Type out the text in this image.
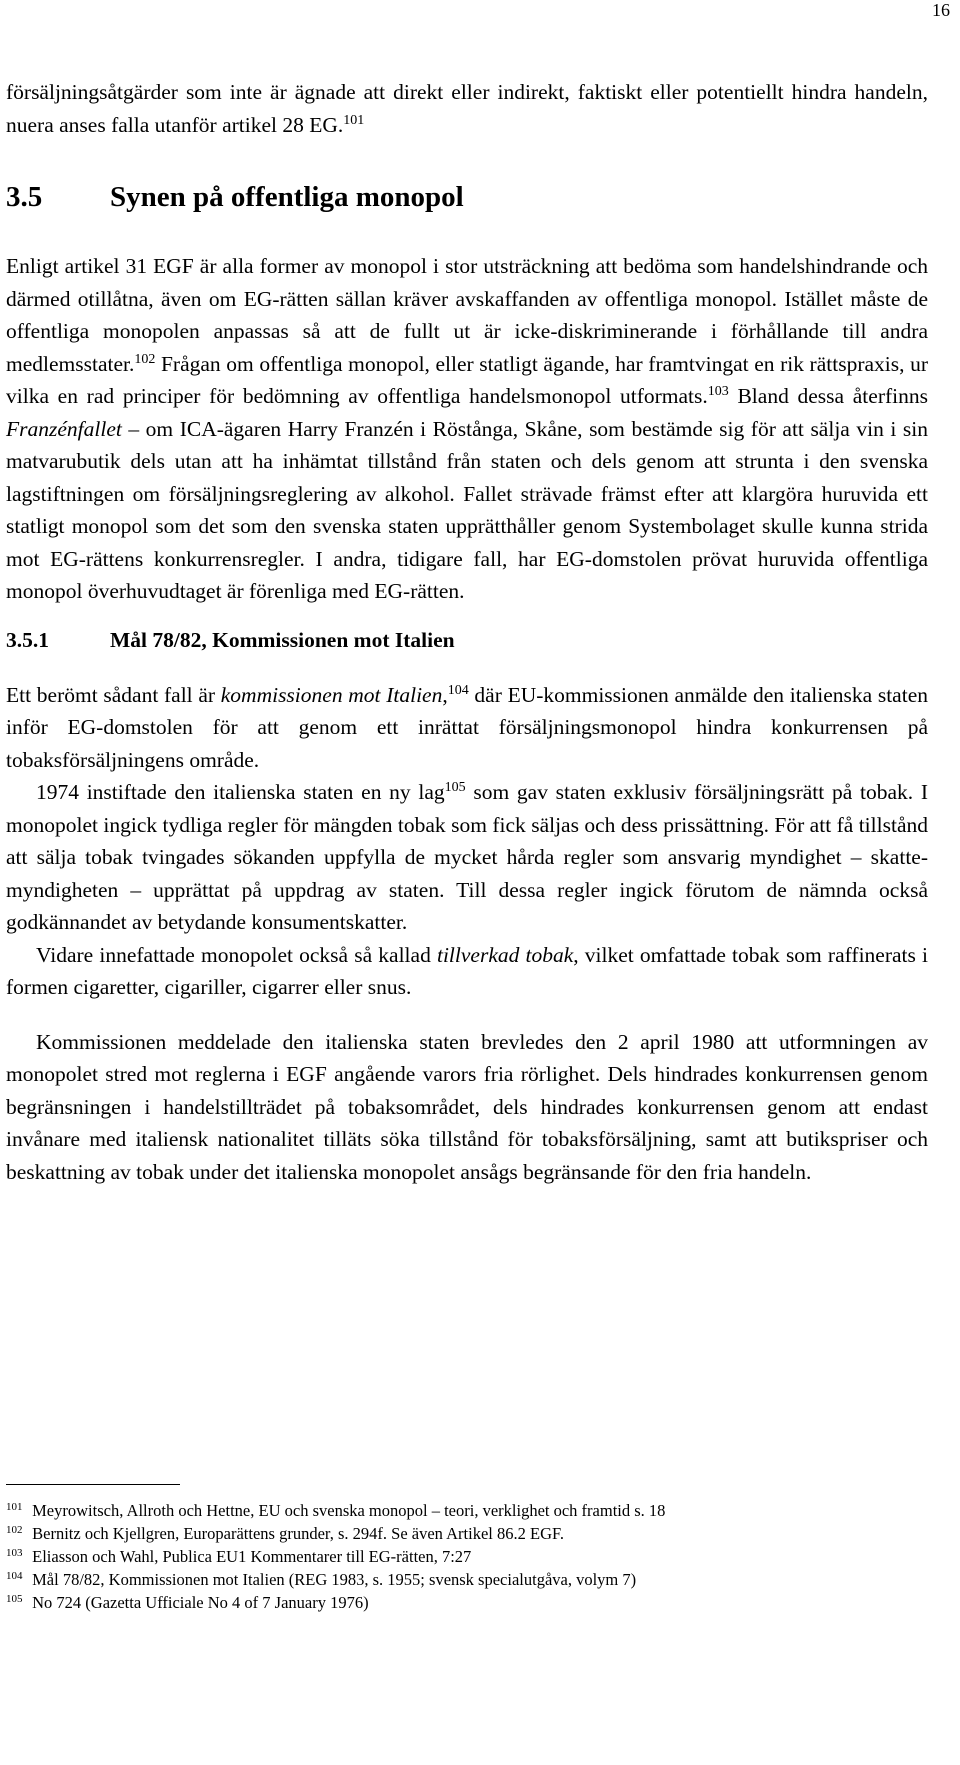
16

försäljningsåtgärder som inte är ägnade att direkt eller indirekt, faktiskt eller potentiellt hindra handeln, nuera anses falla utanför artikel 28 EG.$^{101}$

3.5	Synen på offentliga monopol

Enligt artikel 31 EGF är alla former av monopol i stor utsträckning att bedöma som handelshindrande och därmed otillåtna, även om EG-rätten sällan kräver avskaffanden av offentliga monopol. Istället måste de offentliga monopolen anpassas så att de fullt ut är icke-diskriminerande i förhållande till andra medlemsstater.$^{102}$ Frågan om offentliga monopol, eller statligt ägande, har framtvingat en rik rättspraxis, ur vilka en rad principer för bedömning av offentliga handelsmonopol utformats.$^{103}$ Bland dessa återfinns Franzénfallet – om ICA-ägaren Harry Franzén i Röstånga, Skåne, som bestämde sig för att sälja vin i sin matvarubutik dels utan att ha inhämtat tillstånd från staten och dels genom att strunta i den svenska lagstiftningen om försäljningsreglering av alkohol. Fallet strävade främst efter att klargöra huruvida ett statligt monopol som det som den svenska staten upprätthåller genom Systembolaget skulle kunna strida mot EG-rättens konkurrensregler. I andra, tidigare fall, har EG-domstolen prövat huruvida offentliga monopol överhuvudtaget är förenliga med EG-rätten.

3.5.1	Mål 78/82, Kommissionen mot Italien

Ett berömt sådant fall är kommissionen mot Italien,$^{104}$ där EU-kommissionen anmälde den italienska staten inför EG-domstolen för att genom ett inrättat försäljningsmonopol hindra konkurrensen på tobaksförsäljningens område.

1974 instiftade den italienska staten en ny lag$^{105}$ som gav staten exklusiv försäljningsrätt på tobak. I monopolet ingick tydliga regler för mängden tobak som fick säljas och dess prissättning. För att få tillstånd att sälja tobak tvingades sökanden uppfylla de mycket hårda regler som ansvarig myndighet – skatte-myndigheten – upprättat på uppdrag av staten. Till dessa regler ingick förutom de nämnda också godkännandet av betydande konsumentskatter.

Vidare innefattade monopolet också så kallad tillverkad tobak, vilket omfattade tobak som raffinerats i formen cigaretter, cigariller, cigarrer eller snus.

Kommissionen meddelade den italienska staten brevledes den 2 april 1980 att utformningen av monopolet stred mot reglerna i EGF angående varors fria rörlighet. Dels hindrades konkurrensen genom begränsningen i handelstillträdet på tobaksområdet, dels hindrades konkurrensen genom att endast invånare med italiensk nationalitet tilläts söka tillstånd för tobaksförsäljning, samt att butikspriser och beskattning av tobak under det italienska monopolet ansågs begränsande för den fria handeln.

$^{101}$ Meyrowitsch, Allroth och Hettne, EU och svenska monopol – teori, verklighet och framtid s. 18

$^{102}$ Bernitz och Kjellgren, Europarättens grunder, s. 294f. Se även Artikel 86.2 EGF.

$^{103}$ Eliasson och Wahl, Publica EU1 Kommentarer till EG-rätten, 7:27

$^{104}$ Mål 78/82, Kommissionen mot Italien (REG 1983, s. 1955; svensk specialutgåva, volym 7)

$^{105}$ No 724 (Gazetta Ufficiale No 4 of 7 January 1976)
